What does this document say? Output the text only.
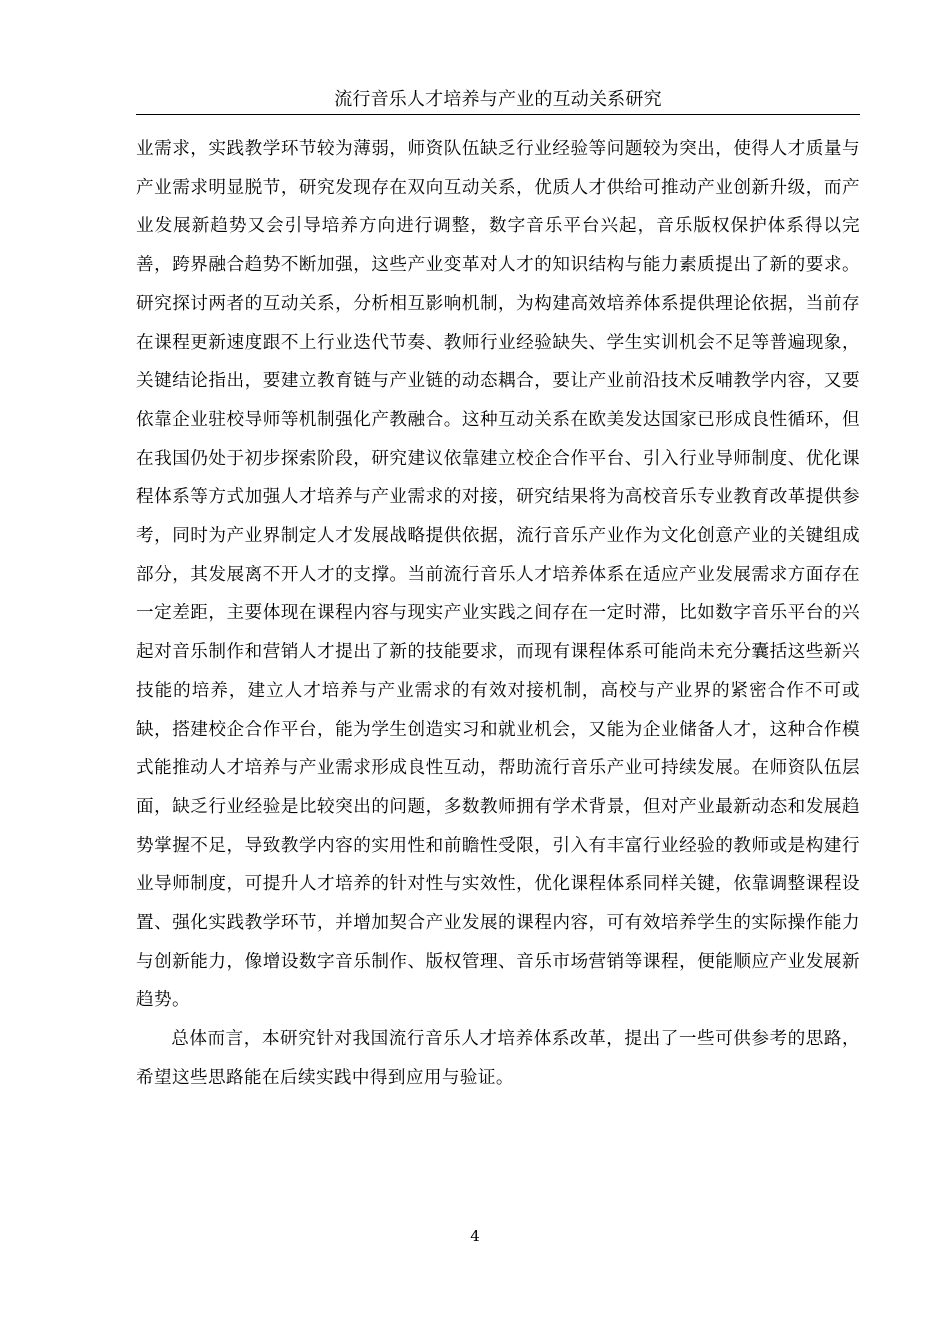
流行音乐人才培养与产业的互动关系研究

业需求，实践教学环节较为薄弱，师资队伍缺乏行业经验等问题较为突出，使得人才质量与产业需求明显脱节，研究发现存在双向互动关系，优质人才供给可推动产业创新升级，而产业发展新趋势又会引导培养方向进行调整，数字音乐平台兴起，音乐版权保护体系得以完善，跨界融合趋势不断加强，这些产业变革对人才的知识结构与能力素质提出了新的要求。研究探讨两者的互动关系，分析相互影响机制，为构建高效培养体系提供理论依据，当前存在课程更新速度跟不上行业迭代节奏、教师行业经验缺失、学生实训机会不足等普遍现象，关键结论指出，要建立教育链与产业链的动态耦合，要让产业前沿技术反哺教学内容，又要依靠企业驻校导师等机制强化产教融合。这种互动关系在欧美发达国家已形成良性循环，但在我国仍处于初步探索阶段，研究建议依靠建立校企合作平台、引入行业导师制度、优化课程体系等方式加强人才培养与产业需求的对接，研究结果将为高校音乐专业教育改革提供参考，同时为产业界制定人才发展战略提供依据，流行音乐产业作为文化创意产业的关键组成部分，其发展离不开人才的支撑。当前流行音乐人才培养体系在适应产业发展需求方面存在一定差距，主要体现在课程内容与现实产业实践之间存在一定时滞，比如数字音乐平台的兴起对音乐制作和营销人才提出了新的技能要求，而现有课程体系可能尚未充分囊括这些新兴技能的培养，建立人才培养与产业需求的有效对接机制，高校与产业界的紧密合作不可或缺，搭建校企合作平台，能为学生创造实习和就业机会，又能为企业储备人才，这种合作模式能推动人才培养与产业需求形成良性互动，帮助流行音乐产业可持续发展。在师资队伍层面，缺乏行业经验是比较突出的问题，多数教师拥有学术背景，但对产业最新动态和发展趋势掌握不足，导致教学内容的实用性和前瞻性受限，引入有丰富行业经验的教师或是构建行业导师制度，可提升人才培养的针对性与实效性，优化课程体系同样关键，依靠调整课程设置、强化实践教学环节，并增加契合产业发展的课程内容，可有效培养学生的实际操作能力与创新能力，像增设数字音乐制作、版权管理、音乐市场营销等课程，便能顺应产业发展新趋势。

总体而言，本研究针对我国流行音乐人才培养体系改革，提出了一些可供参考的思路，希望这些思路能在后续实践中得到应用与验证。

4
